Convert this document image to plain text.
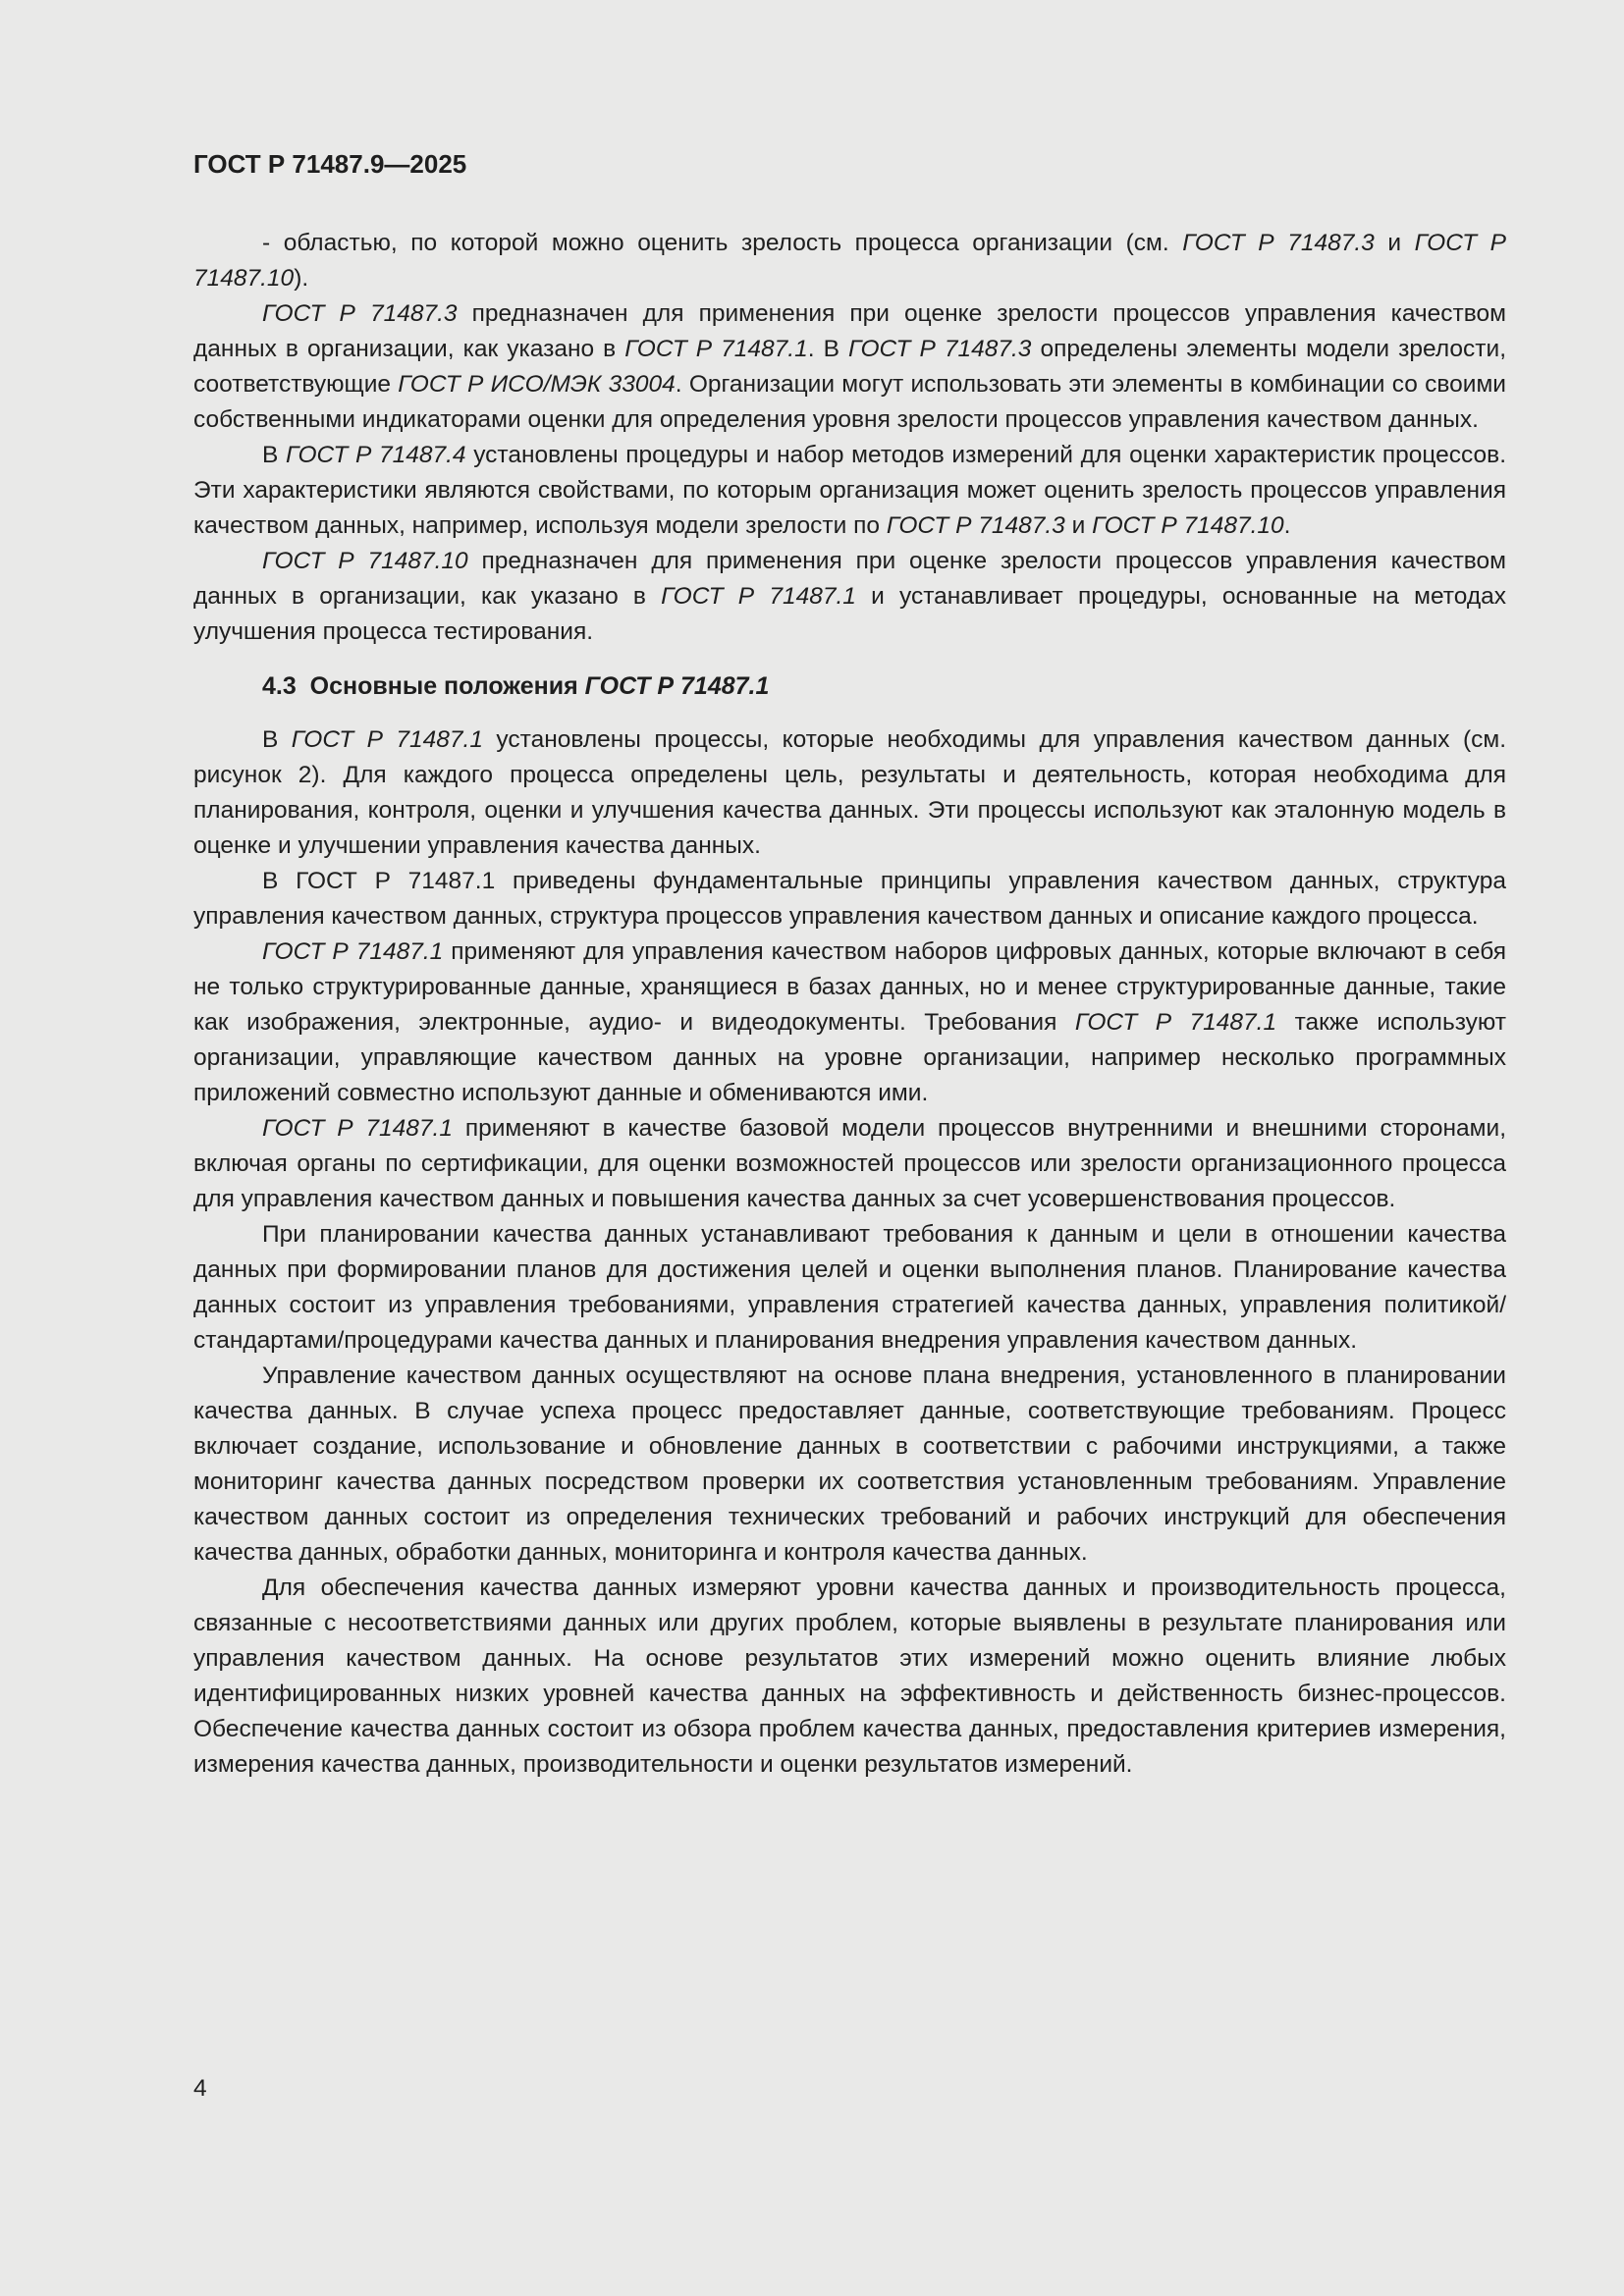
ГОСТ Р 71487.9—2025

- областью, по которой можно оценить зрелость процесса организации (см. ГОСТ Р 71487.3 и ГОСТ Р 71487.10).

ГОСТ Р 71487.3 предназначен для применения при оценке зрелости процессов управления качеством данных в организации, как указано в ГОСТ Р 71487.1. В ГОСТ Р 71487.3 определены элементы модели зрелости, соответствующие ГОСТ Р ИСО/МЭК 33004. Организации могут использовать эти элементы в комбинации со своими собственными индикаторами оценки для определения уровня зрелости процессов управления качеством данных.

В ГОСТ Р 71487.4 установлены процедуры и набор методов измерений для оценки характеристик процессов. Эти характеристики являются свойствами, по которым организация может оценить зрелость процессов управления качеством данных, например, используя модели зрелости по ГОСТ Р 71487.3 и ГОСТ Р 71487.10.

ГОСТ Р 71487.10 предназначен для применения при оценке зрелости процессов управления качеством данных в организации, как указано в ГОСТ Р 71487.1 и устанавливает процедуры, основанные на методах улучшения процесса тестирования.

4.3 Основные положения ГОСТ Р 71487.1

В ГОСТ Р 71487.1 установлены процессы, которые необходимы для управления качеством данных (см. рисунок 2). Для каждого процесса определены цель, результаты и деятельность, которая необходима для планирования, контроля, оценки и улучшения качества данных. Эти процессы используют как эталонную модель в оценке и улучшении управления качества данных.

В ГОСТ Р 71487.1 приведены фундаментальные принципы управления качеством данных, структура управления качеством данных, структура процессов управления качеством данных и описание каждого процесса.

ГОСТ Р 71487.1 применяют для управления качеством наборов цифровых данных, которые включают в себя не только структурированные данные, хранящиеся в базах данных, но и менее структурированные данные, такие как изображения, электронные, аудио- и видеодокументы. Требования ГОСТ Р 71487.1 также используют организации, управляющие качеством данных на уровне организации, например несколько программных приложений совместно используют данные и обмениваются ими.

ГОСТ Р 71487.1 применяют в качестве базовой модели процессов внутренними и внешними сторонами, включая органы по сертификации, для оценки возможностей процессов или зрелости организационного процесса для управления качеством данных и повышения качества данных за счет усовершенствования процессов.

При планировании качества данных устанавливают требования к данным и цели в отношении качества данных при формировании планов для достижения целей и оценки выполнения планов. Планирование качества данных состоит из управления требованиями, управления стратегией качества данных, управления политикой/стандартами/процедурами качества данных и планирования внедрения управления качеством данных.

Управление качеством данных осуществляют на основе плана внедрения, установленного в планировании качества данных. В случае успеха процесс предоставляет данные, соответствующие требованиям. Процесс включает создание, использование и обновление данных в соответствии с рабочими инструкциями, а также мониторинг качества данных посредством проверки их соответствия установленным требованиям. Управление качеством данных состоит из определения технических требований и рабочих инструкций для обеспечения качества данных, обработки данных, мониторинга и контроля качества данных.

Для обеспечения качества данных измеряют уровни качества данных и производительность процесса, связанные с несоответствиями данных или других проблем, которые выявлены в результате планирования или управления качеством данных. На основе результатов этих измерений можно оценить влияние любых идентифицированных низких уровней качества данных на эффективность и действенность бизнес-процессов. Обеспечение качества данных состоит из обзора проблем качества данных, предоставления критериев измерения, измерения качества данных, производительности и оценки результатов измерений.

4
